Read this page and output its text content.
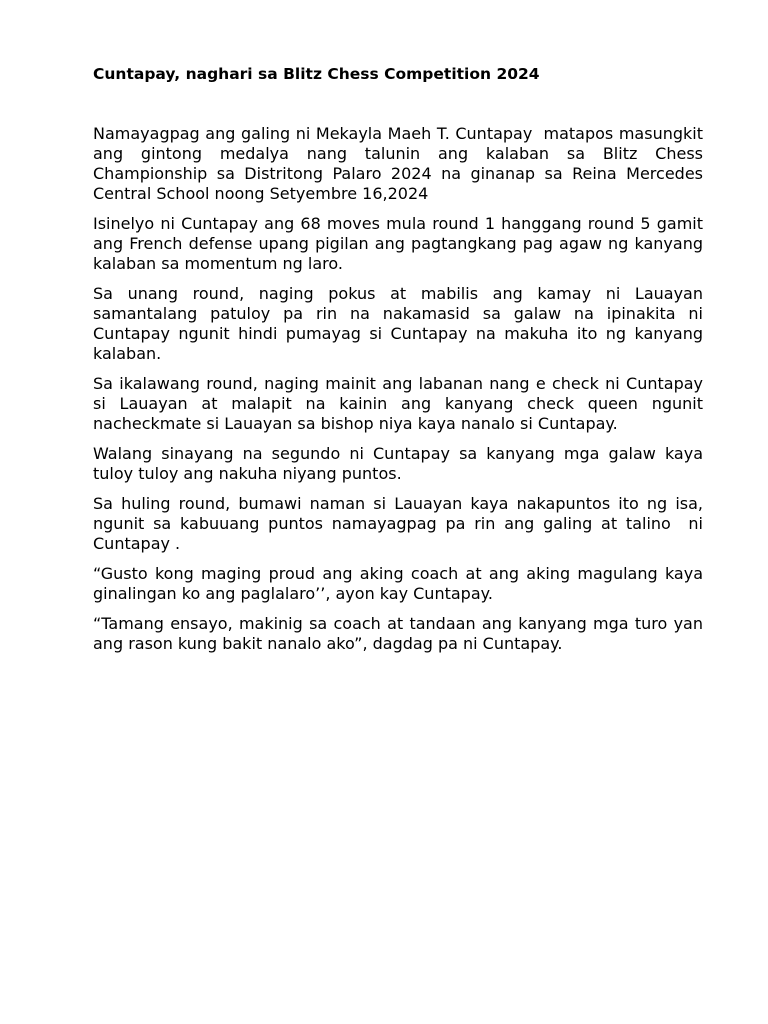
Cuntapay, naghari sa Blitz Chess Competition 2024

Namayagpag ang galing ni Mekayla Maeh T. Cuntapay  matapos masungkit ang gintong medalya nang talunin ang kalaban sa Blitz Chess Championship sa Distritong Palaro 2024 na ginanap sa Reina Mercedes Central School noong Setyembre 16,2024

Isinelyo ni Cuntapay ang 68 moves mula round 1 hanggang round 5 gamit ang French defense upang pigilan ang pagtangkang pag agaw ng kanyang kalaban sa momentum ng laro.

Sa unang round, naging pokus at mabilis ang kamay ni Lauayan samantalang patuloy pa rin na nakamasid sa galaw na ipinakita ni Cuntapay ngunit hindi pumayag si Cuntapay na makuha ito ng kanyang kalaban.

Sa ikalawang round, naging mainit ang labanan nang e check ni Cuntapay si Lauayan at malapit na kainin ang kanyang check queen ngunit nacheckmate si Lauayan sa bishop niya kaya nanalo si Cuntapay.

Walang sinayang na segundo ni Cuntapay sa kanyang mga galaw kaya tuloy tuloy ang nakuha niyang puntos.

Sa huling round, bumawi naman si Lauayan kaya nakapuntos ito ng isa, ngunit sa kabuuang puntos namayagpag pa rin ang galing at talino  ni Cuntapay .

“Gusto kong maging proud ang aking coach at ang aking magulang kaya ginalingan ko ang paglalaro’’, ayon kay Cuntapay.

“Tamang ensayo, makinig sa coach at tandaan ang kanyang mga turo yan ang rason kung bakit nanalo ako”, dagdag pa ni Cuntapay.
